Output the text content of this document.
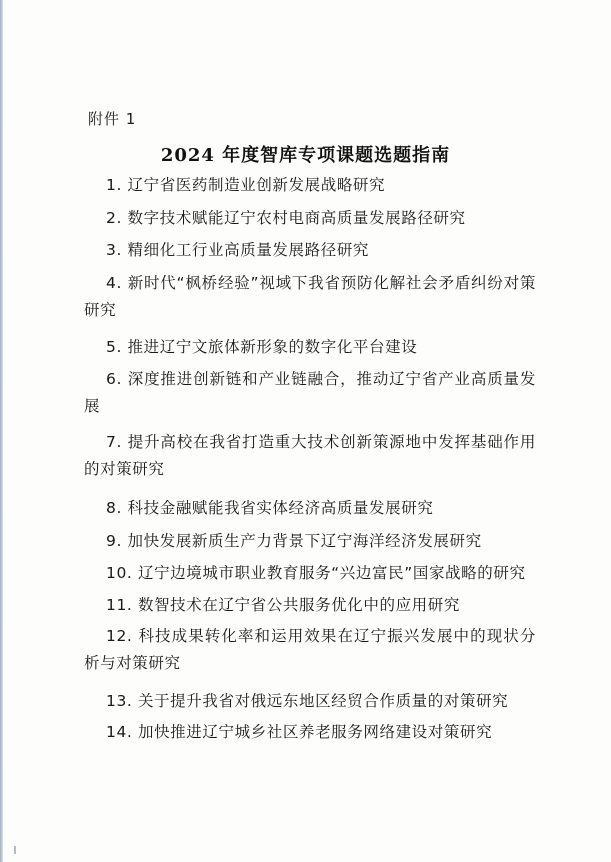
附件 1
2024 年度智库专项课题选题指南
1. 辽宁省医药制造业创新发展战略研究
2. 数字技术赋能辽宁农村电商高质量发展路径研究
3. 精细化工行业高质量发展路径研究
4. 新时代“枫桥经验”视域下我省预防化解社会矛盾纠纷对策研究
5. 推进辽宁文旅体新形象的数字化平台建设
6. 深度推进创新链和产业链融合，推动辽宁省产业高质量发展
7. 提升高校在我省打造重大技术创新策源地中发挥基础作用的对策研究
8. 科技金融赋能我省实体经济高质量发展研究
9. 加快发展新质生产力背景下辽宁海洋经济发展研究
10. 辽宁边境城市职业教育服务“兴边富民”国家战略的研究
11. 数智技术在辽宁省公共服务优化中的应用研究
12. 科技成果转化率和运用效果在辽宁振兴发展中的现状分析与对策研究
13. 关于提升我省对俄远东地区经贸合作质量的对策研究
14. 加快推进辽宁城乡社区养老服务网络建设对策研究
